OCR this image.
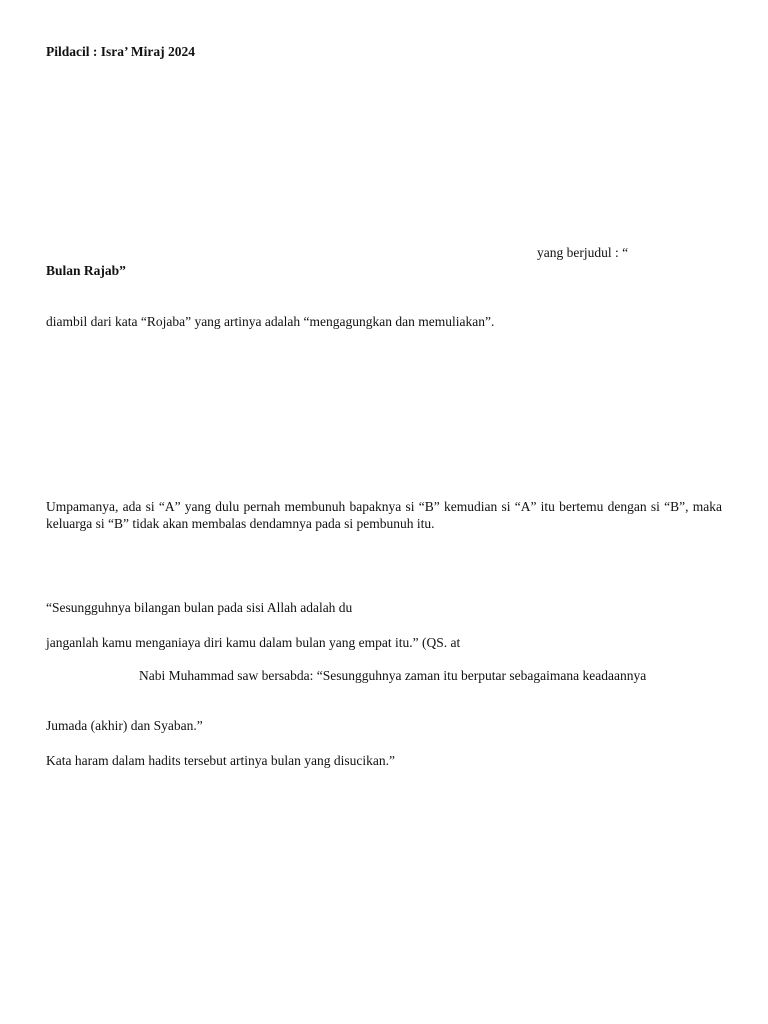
Pildacil : Isra’ Miraj 2024
yang berjudul : “
Bulan Rajab”
diambil dari kata “Rojaba” yang artinya adalah “mengagungkan dan memuliakan”.
Umpamanya, ada si “A” yang dulu pernah membunuh bapaknya si “B” kemudian si “A” itu bertemu dengan si “B”, maka keluarga si “B” tidak akan membalas dendamnya pada si pembunuh itu.
“Sesungguhnya bilangan bulan pada sisi Allah adalah du
janganlah kamu menganiaya diri kamu dalam bulan yang empat itu.” (QS. at
Nabi Muhammad saw bersabda: “Sesungguhnya zaman itu berputar sebagaimana keadaannya
Jumada (akhir) dan Syaban.”
Kata haram dalam hadits tersebut artinya bulan yang disucikan.”
